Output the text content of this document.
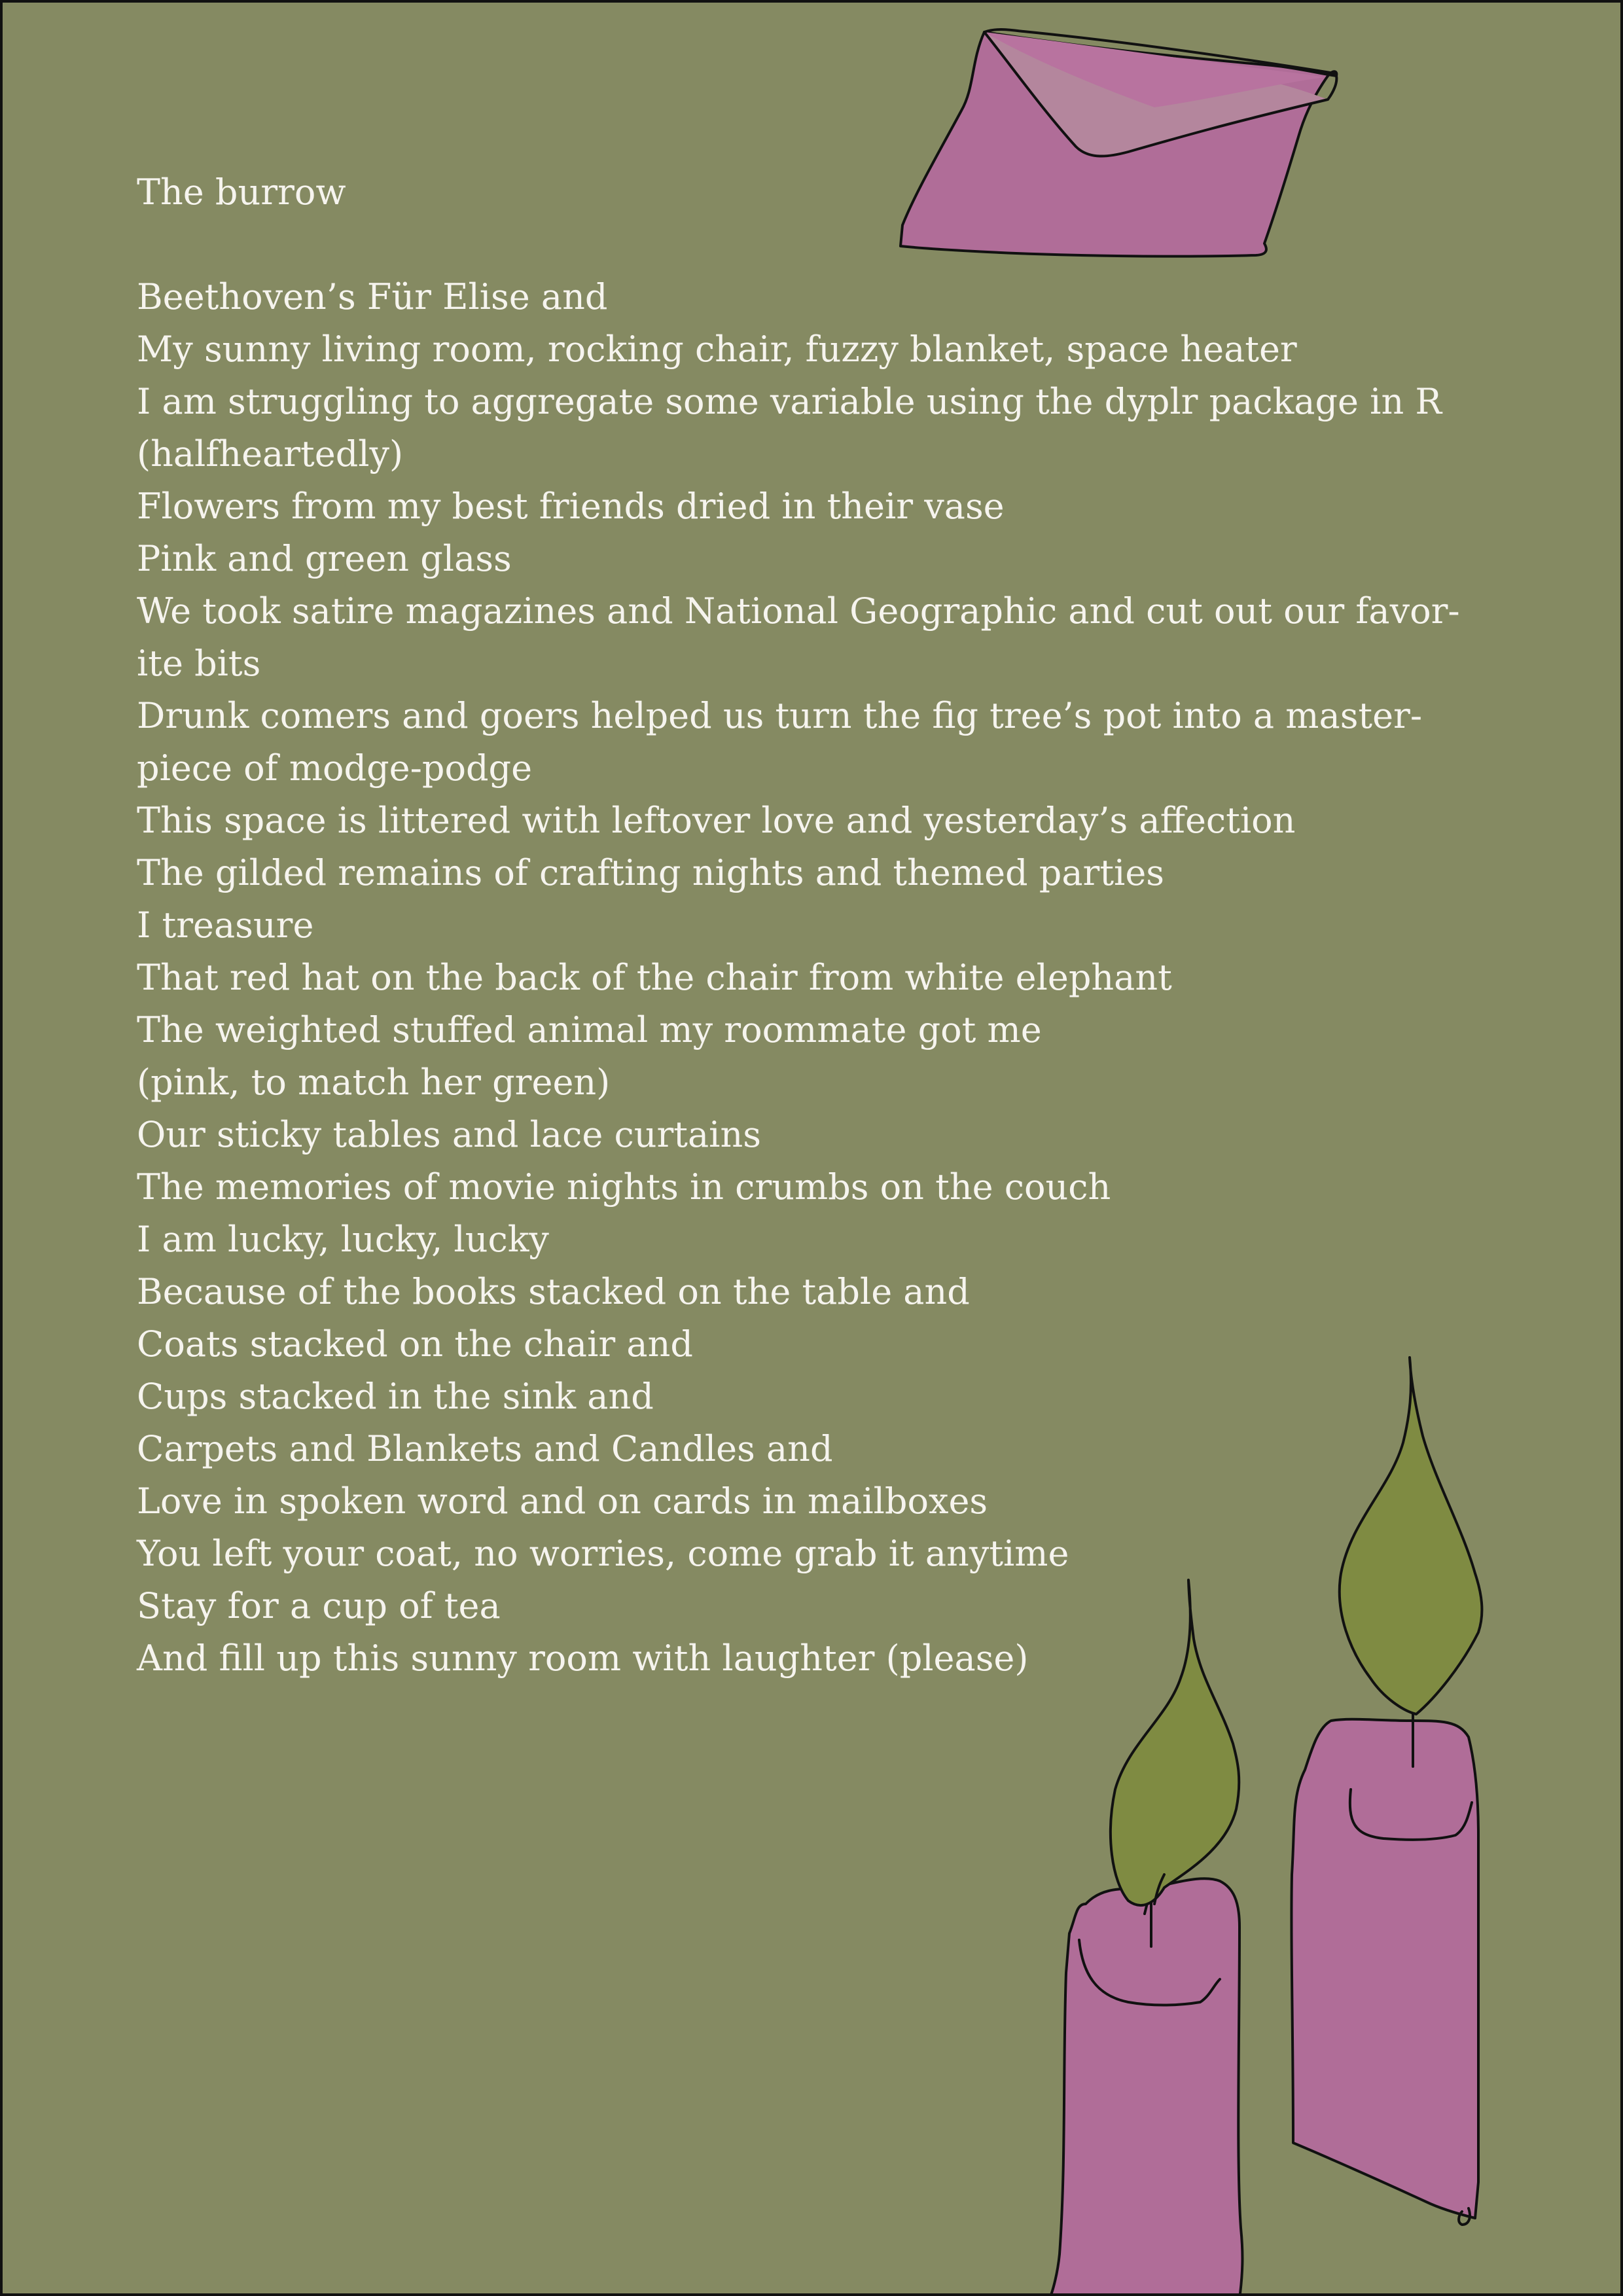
The burrow
Beethoven’s Für Elise and
My sunny living room, rocking chair, fuzzy blanket, space heater
I am struggling to aggregate some variable using the dyplr package in R
(halfheartedly)
Flowers from my best friends dried in their vase
Pink and green glass
We took satire magazines and National Geographic and cut out our favor-
ite bits
Drunk comers and goers helped us turn the fig tree’s pot into a master-
piece of modge-podge
This space is littered with leftover love and yesterday’s affection
The gilded remains of crafting nights and themed parties
I treasure
That red hat on the back of the chair from white elephant
The weighted stuffed animal my roommate got me
(pink, to match her green)
Our sticky tables and lace curtains
The memories of movie nights in crumbs on the couch
I am lucky, lucky, lucky
Because of the books stacked on the table and
Coats stacked on the chair and
Cups stacked in the sink and
Carpets and Blankets and Candles and
Love in spoken word and on cards in mailboxes
You left your coat, no worries, come grab it anytime
Stay for a cup of tea
And fill up this sunny room with laughter (please)
